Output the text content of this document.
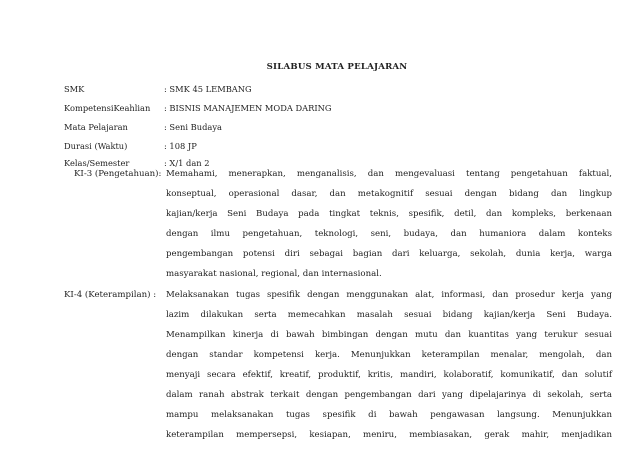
SILABUS MATA PELAJARAN
SMK	: SMK 45 LEMBANG
KompetensiKeahlian : BISNIS MANAJEMEN MODA DARING
Mata Pelajaran	: Seni Budaya
Durasi (Waktu)	: 108 JP
Kelas/Semester	: X/1 dan 2
KI-3 (Pengetahuan): Memahami, menerapkan, menganalisis, dan mengevaluasi tentang pengetahuan faktual,
konseptual, operasional dasar, dan metakognitif sesuai dengan bidang dan lingkup
kajian/kerja Seni Budaya pada tingkat teknis, spesifik, detil, dan kompleks, berkenaan
dengan ilmu pengetahuan, teknologi, seni, budaya, dan humaniora dalam konteks
pengembangan potensi diri sebagai bagian dari keluarga, sekolah, dunia kerja, warga
masyarakat nasional, regional, dan internasional.
KI-4 (Keterampilan) : Melaksanakan tugas spesifik dengan menggunakan alat, informasi, dan prosedur kerja yang
lazim dilakukan serta memecahkan masalah sesuai bidang kajian/kerja Seni Budaya.
Menampilkan kinerja di bawah bimbingan dengan mutu dan kuantitas yang terukur sesuai
dengan standar kompetensi kerja. Menunjukkan keterampilan menalar, mengolah, dan
menyaji secara efektif, kreatif, produktif, kritis, mandiri, kolaboratif, komunikatif, dan solutif
dalam ranah abstrak terkait dengan pengembangan dari yang dipelajarinya di sekolah, serta
mampu melaksanakan tugas spesifik di bawah pengawasan langsung. Menunjukkan
keterampilan mempersepsi, kesiapan, meniru, membiasakan, gerak mahir, menjadikan
